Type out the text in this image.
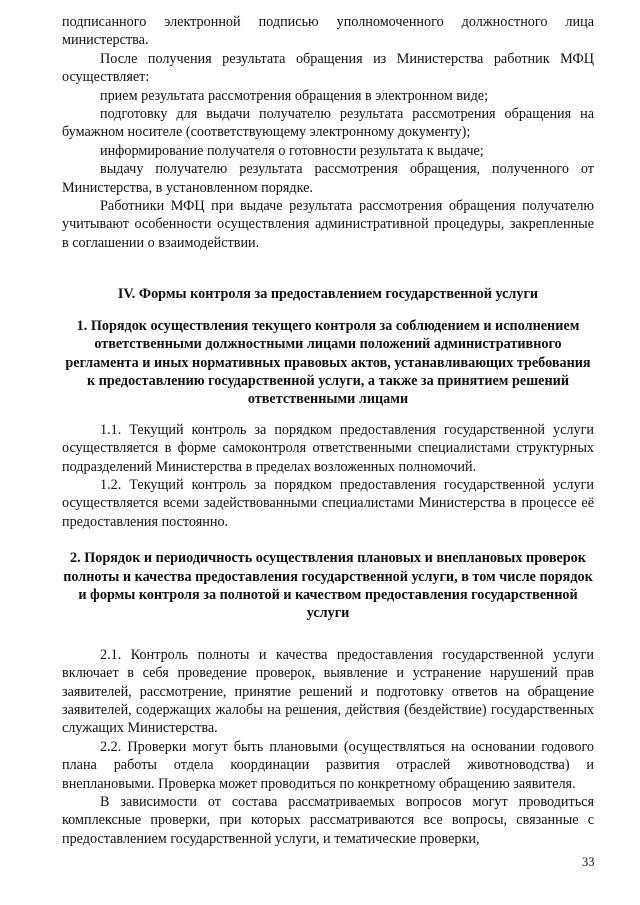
подписанного электронной подписью уполномоченного должностного лица министерства.

После получения результата обращения из Министерства работник МФЦ осуществляет:

прием результата рассмотрения обращения в электронном виде;

подготовку для выдачи получателю результата рассмотрения обращения на бумажном носителе (соответствующему электронному документу);

информирование получателя о готовности результата к выдаче;

выдачу получателю результата рассмотрения обращения, полученного от Министерства, в установленном порядке.

Работники МФЦ при выдаче результата рассмотрения обращения получателю учитывают особенности осуществления административной процедуры, закрепленные в соглашении о взаимодействии.

IV. Формы контроля за предоставлением государственной услуги

1. Порядок осуществления текущего контроля за соблюдением и исполнением ответственными должностными лицами положений административного регламента и иных нормативных правовых актов, устанавливающих требования к предоставлению государственной услуги, а также за принятием решений ответственными лицами

1.1. Текущий контроль за порядком предоставления государственной услуги осуществляется в форме самоконтроля ответственными специалистами структурных подразделений Министерства в пределах возложенных полномочий.

1.2. Текущий контроль за порядком предоставления государственной услуги осуществляется всеми задействованными специалистами Министерства в процессе её предоставления постоянно.

2. Порядок и периодичность осуществления плановых и внеплановых проверок полноты и качества предоставления государственной услуги, в том числе порядок и формы контроля за полнотой и качеством предоставления государственной услуги

2.1. Контроль полноты и качества предоставления государственной услуги включает в себя проведение проверок, выявление и устранение нарушений прав заявителей, рассмотрение, принятие решений и подготовку ответов на обращение заявителей, содержащих жалобы на решения, действия (бездействие) государственных служащих Министерства.

2.2. Проверки могут быть плановыми (осуществляться на основании годового плана работы отдела координации развития отраслей животноводства) и внеплановыми. Проверка может проводиться по конкретному обращению заявителя.

В зависимости от состава рассматриваемых вопросов могут проводиться комплексные проверки, при которых рассматриваются все вопросы, связанные с предоставлением государственной услуги, и тематические проверки,

33
